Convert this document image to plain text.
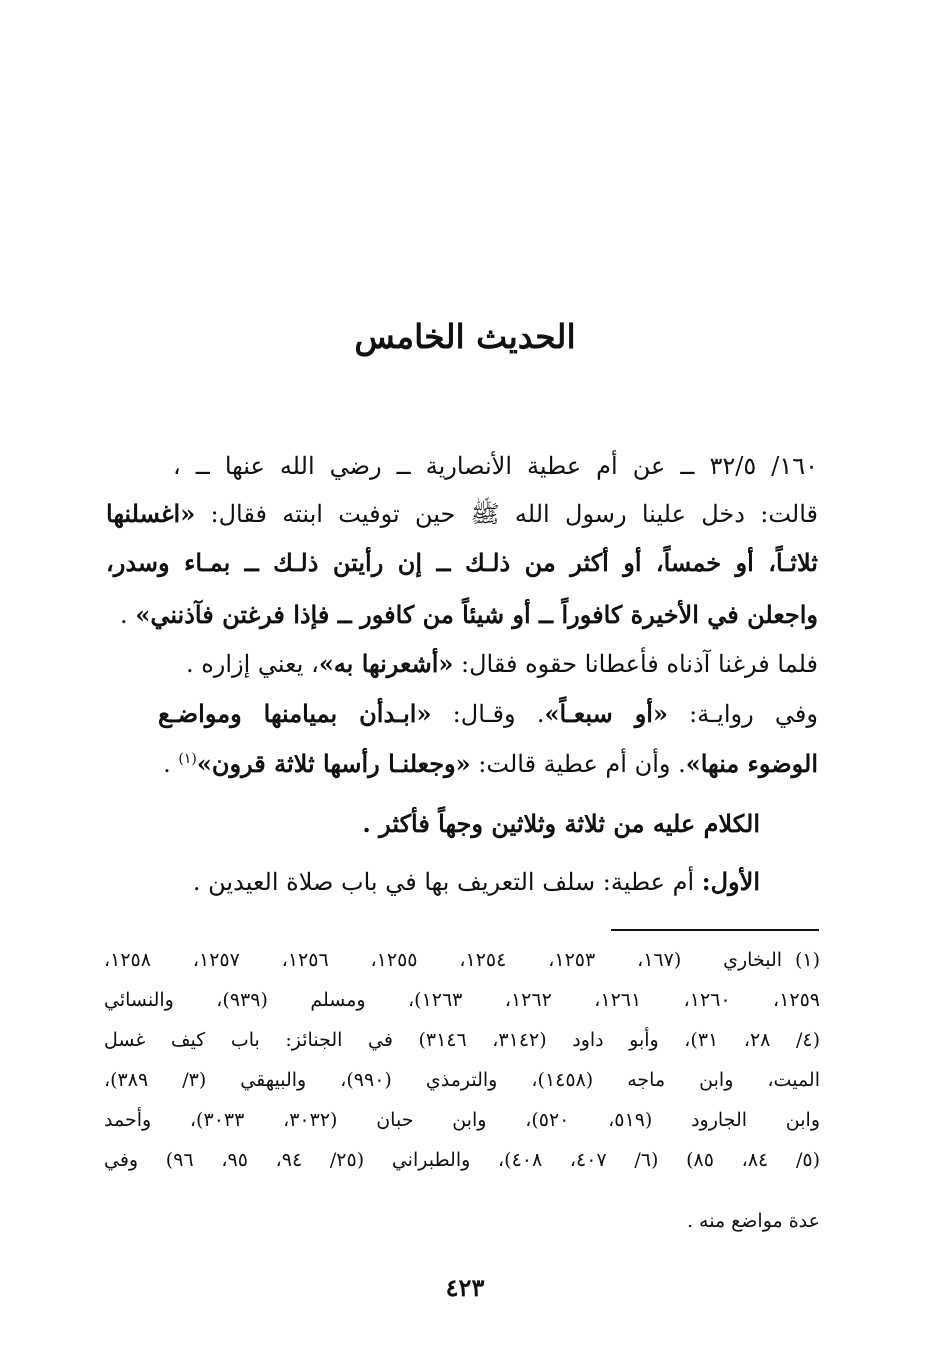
الحديث الخامس
١٦٠/ ٣٢/٥ ــ عن أم عطية الأنصارية ــ رضي الله عنها ــ ،
قالت: دخل علينا رسول الله ﷺ حين توفيت ابنته فقال: «اغسلنها
ثلاثـاً، أو خمساً، أو أكثر من ذلـك ــ إن رأيتن ذلـك ــ بمـاء وسدر،
واجعلن في الأخيرة كافوراً ــ أو شيئاً من كافور ــ فإذا فرغتن فآذنني» .
فلما فرغنا آذناه فأعطانا حقوه فقال: «أشعرنها به»، يعني إزاره .
وفي روايـة: «أو سبعـاً». وقـال: «ابـدأن بميامنها ومواضـع
الوضوء منها». وأن أم عطية قالت: «وجعلنـا رأسها ثلاثة قرون»$^{(١)}$ .
الكلام عليه من ثلاثة وثلاثين وجهاً فأكثر .
الأول: أم عطية: سلف التعريف بها في باب صلاة العيدين .
(١)
البخاري (١٦٧، ١٢٥٣، ١٢٥٤، ١٢٥٥، ١٢٥٦، ١٢٥٧، ١٢٥٨،
١٢٥٩، ١٢٦٠، ١٢٦١، ١٢٦٢، ١٢٦٣)، ومسلم (٩٣٩)، والنسائي
(٤/ ٢٨، ٣١)، وأبو داود (٣١٤٢، ٣١٤٦) في الجنائز: باب كيف غسل
الميت، وابن ماجه (١٤٥٨)، والترمذي (٩٩٠)، والبيهقي (٣/ ٣٨٩)،
وابن الجارود (٥١٩، ٥٢٠)، وابن حبان (٣٠٣٢، ٣٠٣٣)، وأحمد
(٥/ ٨٤، ٨٥) (٦/ ٤٠٧، ٤٠٨)، والطبراني (٢٥/ ٩٤، ٩٥، ٩٦) وفي
عدة مواضع منه .
٤٢٣
